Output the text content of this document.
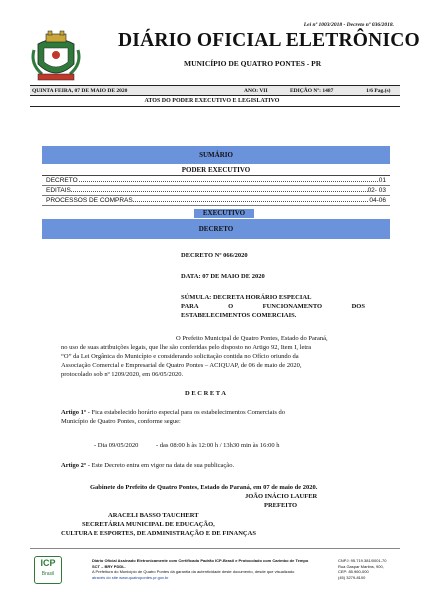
Lei nº 1003/2018 - Decreto nº 036/2018.
DIÁRIO OFICIAL ELETRÔNICO
MUNICÍPIO DE QUATRO PONTES - PR
QUINTA FEIRA, 07 DE MAIO DE 2020	ANO: VII	EDIÇÃO Nº: 1487	1/6 Pag.(s)
ATOS DO PODER EXECUTIVO E LEGISLATIVO
SUMÁRIO
PODER EXECUTIVO
DECRETO	01
EDITAIS	02- 03
PROCESSOS DE COMPRAS	04-06
EXECUTIVO
DECRETO
DECRETO Nº 066/2020
DATA: 07 DE MAIO DE 2020
SÚMULA: DECRETA HORÁRIO ESPECIAL
PARA	O	FUNCIONAMENTO	DOS
ESTABELECIMENTOS COMERCIAIS.
O Prefeito Municipal de Quatro Pontes, Estado do Paraná,
no uso de suas atribuições legais, que lhe são conferidas pelo disposto no Artigo 92, Item I, letra
“O” da Lei Orgânica do Município e considerando solicitação contida no Ofício oriundo da
Associação Comercial e Empresarial de Quatro Pontes – ACIQUAP, de 06 de maio de 2020,
protocolado sob nº 1209/2020, em 06/05/2020.
D E C R E T A
Artigo 1º - Fica estabelecido horário especial para os estabelecimentos Comerciais do
Município de Quatro Pontes, conforme segue:
- Dia 09/05/2020	- das 08:00 h às 12:00 h / 13h30 min às 16:00 h
Artigo 2º - Este Decreto entra em vigor na data de sua publicação.
Gabinete do Prefeito de Quatro Pontes, Estado do Paraná, em 07 de maio de 2020.
JOÃO INÁCIO LAUFER
PREFEITO
ARACELI BASSO TAUCHERT
SECRETÁRIA MUNICIPAL DE EDUCAÇÃO,
CULTURA E ESPORTES, DE ADMINISTRAÇÃO E DE FINANÇAS
ICP
Brasil
Diário Oficial Assinado Eletronicamente com Certificado Padrão ICP-Brasil e Protocolado com Carimbo de Tempo
SCT – BRY PDDL.
A Prefeitura do Município de Quatro Pontes dá garantia da autenticidade deste documento, desde que visualizado
através do site www.quatropontes.pr.gov.br
CNPJ: 95.719.381/0001-70
Rua Gaspar Martins, 900,
CEP: 85.960-000
(45) 3279-8100
